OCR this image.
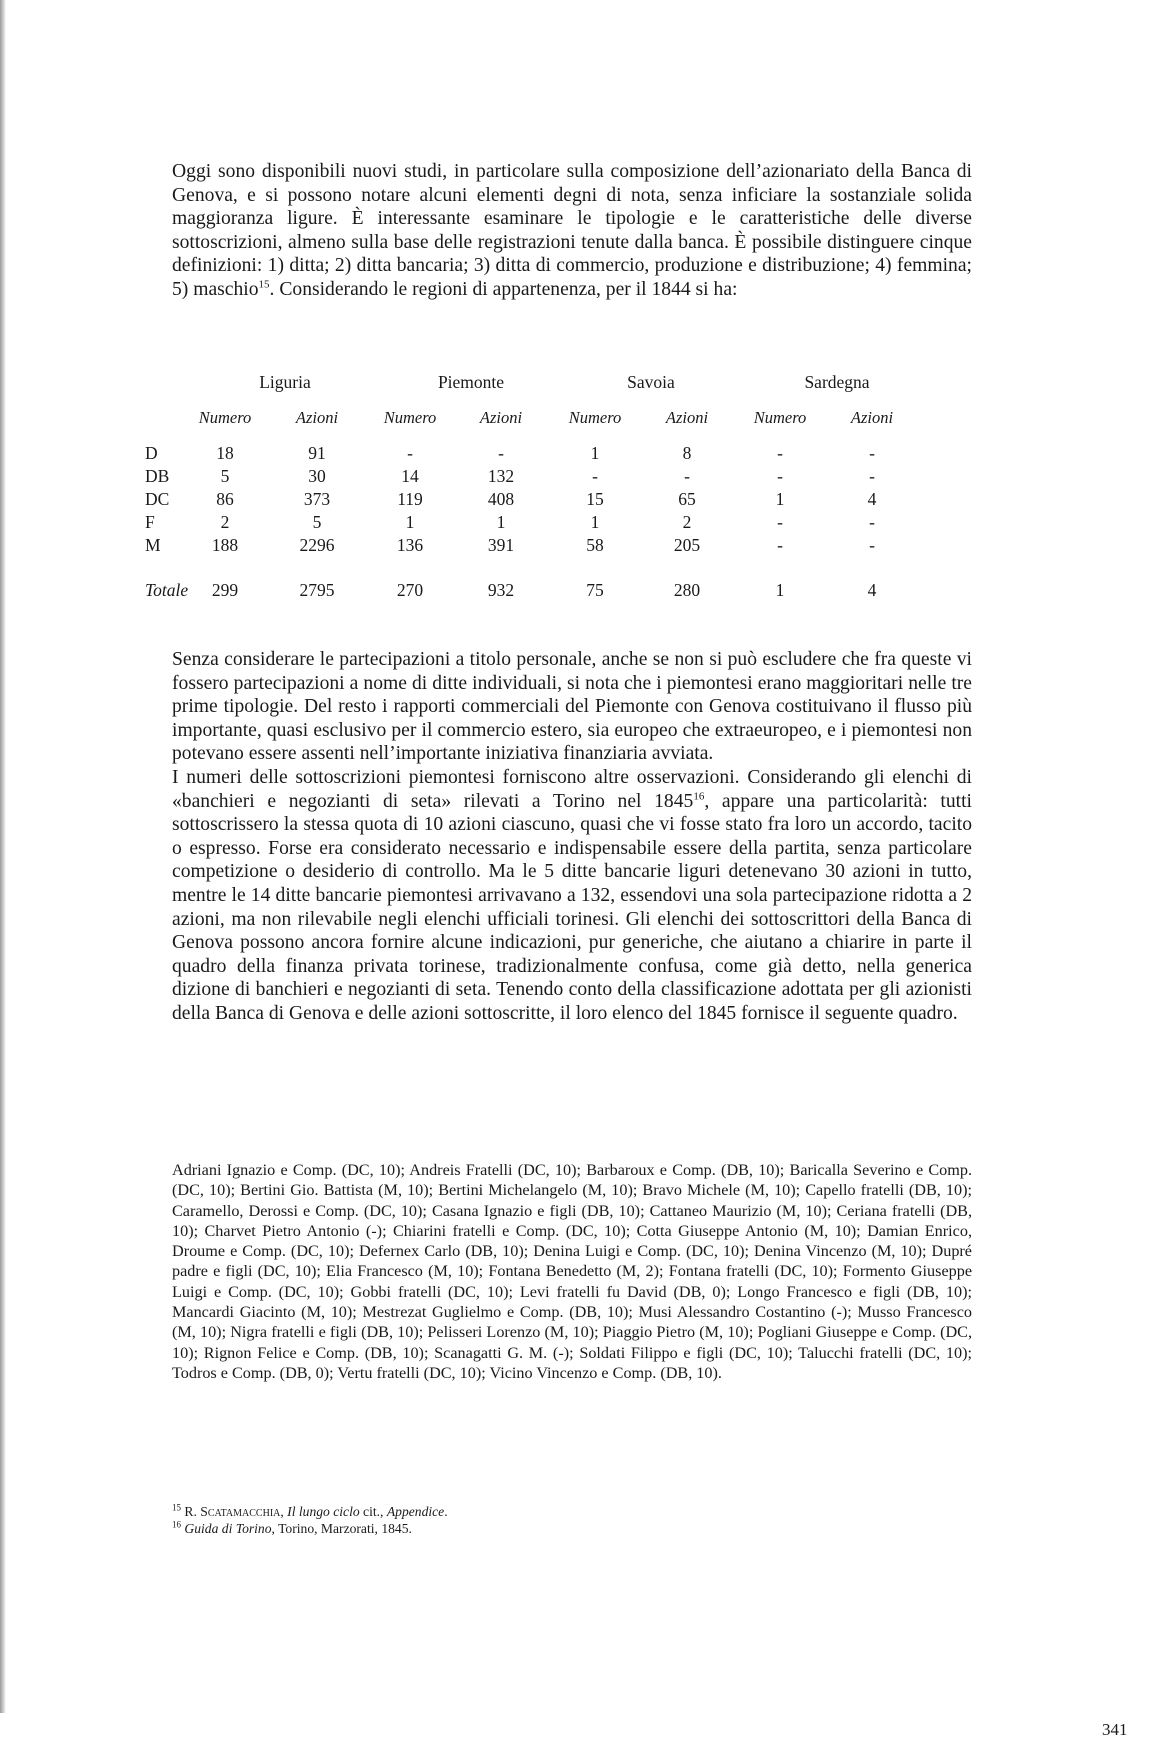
Oggi sono disponibili nuovi studi, in particolare sulla composizione dell’azionariato della Banca di Genova, e si possono notare alcuni elementi degni di nota, senza inficiare la sostanziale solida maggioranza ligure. È interessante esaminare le tipologie e le caratteristiche delle diverse sottoscrizioni, almeno sulla base delle registrazioni tenute dalla banca. È possibile distinguere cinque definizioni: 1) ditta; 2) ditta bancaria; 3) ditta di commercio, produzione e distribuzione; 4) femmina; 5) maschio$^{15}$. Considerando le regioni di appartenenza, per il 1844 si ha:

Liguria	Piemonte	Savoia	Sardegna
Numero	Azioni	Numero	Azioni	Numero	Azioni	Numero	Azioni
D	18	91	-	-	1	8	-	-
DB	5	30	14	132	-	-	-	-
DC	86	373	119	408	15	65	1	4
F	2	5	1	1	1	2	-	-
M	188	2296	136	391	58	205	-	-
Totale	299	2795	270	932	75	280	1	4

Senza considerare le partecipazioni a titolo personale, anche se non si può escludere che fra queste vi fossero partecipazioni a nome di ditte individuali, si nota che i piemontesi erano maggioritari nelle tre prime tipologie. Del resto i rapporti commerciali del Piemonte con Genova costituivano il flusso più importante, quasi esclusivo per il commercio estero, sia europeo che extraeuropeo, e i piemontesi non potevano essere assenti nell’importante iniziativa finanziaria avviata.

I numeri delle sottoscrizioni piemontesi forniscono altre osservazioni. Considerando gli elenchi di «banchieri e negozianti di seta» rilevati a Torino nel 1845$^{16}$, appare una particolarità: tutti sottoscrissero la stessa quota di 10 azioni ciascuno, quasi che vi fosse stato fra loro un accordo, tacito o espresso. Forse era considerato necessario e indispensabile essere della partita, senza particolare competizione o desiderio di controllo. Ma le 5 ditte bancarie liguri detenevano 30 azioni in tutto, mentre le 14 ditte bancarie piemontesi arrivavano a 132, essendovi una sola partecipazione ridotta a 2 azioni, ma non rilevabile negli elenchi ufficiali torinesi. Gli elenchi dei sottoscrittori della Banca di Genova possono ancora fornire alcune indicazioni, pur generiche, che aiutano a chiarire in parte il quadro della finanza privata torinese, tradizionalmente confusa, come già detto, nella generica dizione di banchieri e negozianti di seta. Tenendo conto della classificazione adottata per gli azionisti della Banca di Genova e delle azioni sottoscritte, il loro elenco del 1845 fornisce il seguente quadro.

Adriani Ignazio e Comp. (DC, 10); Andreis Fratelli (DC, 10); Barbaroux e Comp. (DB, 10); Baricalla Severino e Comp. (DC, 10); Bertini Gio. Battista (M, 10); Bertini Michelangelo (M, 10); Bravo Michele (M, 10); Capello fratelli (DB, 10); Caramello, Derossi e Comp. (DC, 10); Casana Ignazio e figli (DB, 10); Cattaneo Maurizio (M, 10); Ceriana fratelli (DB, 10); Charvet Pietro Antonio (-); Chiarini fratelli e Comp. (DC, 10); Cotta Giuseppe Antonio (M, 10); Damian Enrico, Droume e Comp. (DC, 10); Defernex Carlo (DB, 10); Denina Luigi e Comp. (DC, 10); Denina Vincenzo (M, 10); Dupré padre e figli (DC, 10); Elia Francesco (M, 10); Fontana Benedetto (M, 2); Fontana fratelli (DC, 10); Formento Giuseppe Luigi e Comp. (DC, 10); Gobbi fratelli (DC, 10); Levi fratelli fu David (DB, 0); Longo Francesco e figli (DB, 10); Mancardi Giacinto (M, 10); Mestrezat Guglielmo e Comp. (DB, 10); Musi Alessandro Costantino (-); Musso Francesco (M, 10); Nigra fratelli e figli (DB, 10); Pelisseri Lorenzo (M, 10); Piaggio Pietro (M, 10); Pogliani Giuseppe e Comp. (DC, 10); Rignon Felice e Comp. (DB, 10); Scanagatti G. M. (-); Soldati Filippo e figli (DC, 10); Talucchi fratelli (DC, 10); Todros e Comp. (DB, 0); Vertu fratelli (DC, 10); Vicino Vincenzo e Comp. (DB, 10).

$^{15}$ R. Scatamacchia, Il lungo ciclo cit., Appendice.
$^{16}$ Guida di Torino, Torino, Marzorati, 1845.
341
